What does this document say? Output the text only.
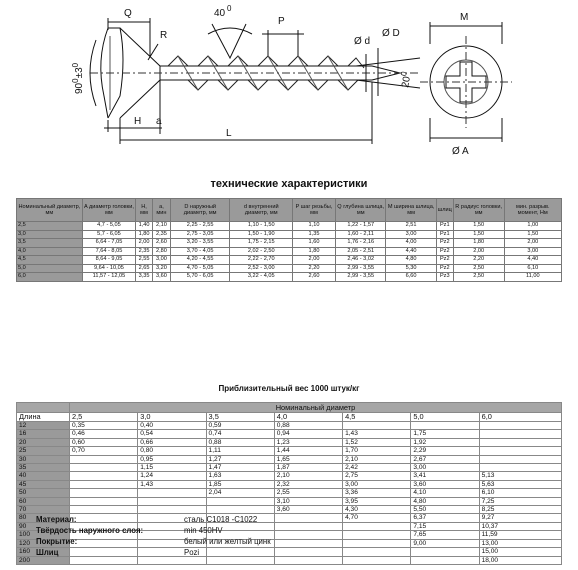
Q
R
40 0
P
Ø d
Ø D
M
$90^0\pm 3^0$
H a
L
$20^0$
Ø A
технические характеристики
Номинальный диаметр, мм	A диаметр головки, мм	H, мм	a, мин	D наружный диаметр, мм	d внутренний диаметр, мм	P шаг резьбы, мм	Q глубина шлица, мм	M ширина шлица, мм	шлиц	R радиус головки, мм	мин. разрыв. момент, Нм
2,5	4,7 - 5,05	1,40	2,10	2,25 - 2,55	1,10 - 1,50	1,10	1,22 - 1,57	2,51	Pz1	1,50	1,00
3,0	5,7 - 6,05	1,80	2,35	2,75 - 3,05	1,50 - 1,90	1,35	1,60 - 2,11	3,00	Pz1	1,50	1,50
3,5	6,64 - 7,05	2,00	2,60	3,20 - 3,55	1,75 - 2,15	1,60	1,76 - 2,16	4,00	Pz2	1,80	2,00
4,0	7,64 - 8,05	2,35	2,80	3,70 - 4,05	2,02 - 2,50	1,80	2,05 - 2,51	4,40	Pz2	2,00	3,00
4,5	8,64 - 9,05	2,55	3,00	4,20 - 4,55	2,22 - 2,70	2,00	2,46 - 3,02	4,80	Pz2	2,20	4,40
5,0	9,64 - 10,05	2,65	3,20	4,70 - 5,05	2,52 - 3,00	2,20	2,99 - 3,55	5,30	Pz2	2,50	6,10
6,0	11,57 - 12,05	3,35	3,60	5,70 - 6,05	3,22 - 4,05	2,60	2,99 - 3,55	6,60	Pz3	2,50	11,00
Приблизительный вес 1000 штук/кг
	Номинальный диаметр						
Длина	2,5	3,0	3,5	4,0	4,5	5,0	6,0
12	0,35	0,40	0,59	0,88			
16	0,46	0,54	0,74	0,94	1,43	1,75	
20	0,60	0,66	0,88	1,23	1,52	1,92	
25	0,70	0,80	1,11	1,44	1,70	2,29	
30		0,95	1,27	1,65	2,10	2,67	
35		1,15	1,47	1,87	2,42	3,00	
40		1,24	1,63	2,10	2,75	3,41	5,13
45		1,43	1,85	2,32	3,00	3,60	5,63
50			2,04	2,55	3,36	4,10	6,10
60				3,10	3,95	4,80	7,25
70				3,60	4,30	5,50	8,25
80					4,70	6,37	9,27
90						7,15	10,37
100						7,65	11,59
120						9,00	13,00
160							15,00
200							18,00
Материал:	сталь C1018 -C1022
Твёрдость наружного слоя:	min 450HV
Покрытие:	белый или желтый цинк
Шлиц	Pozi
